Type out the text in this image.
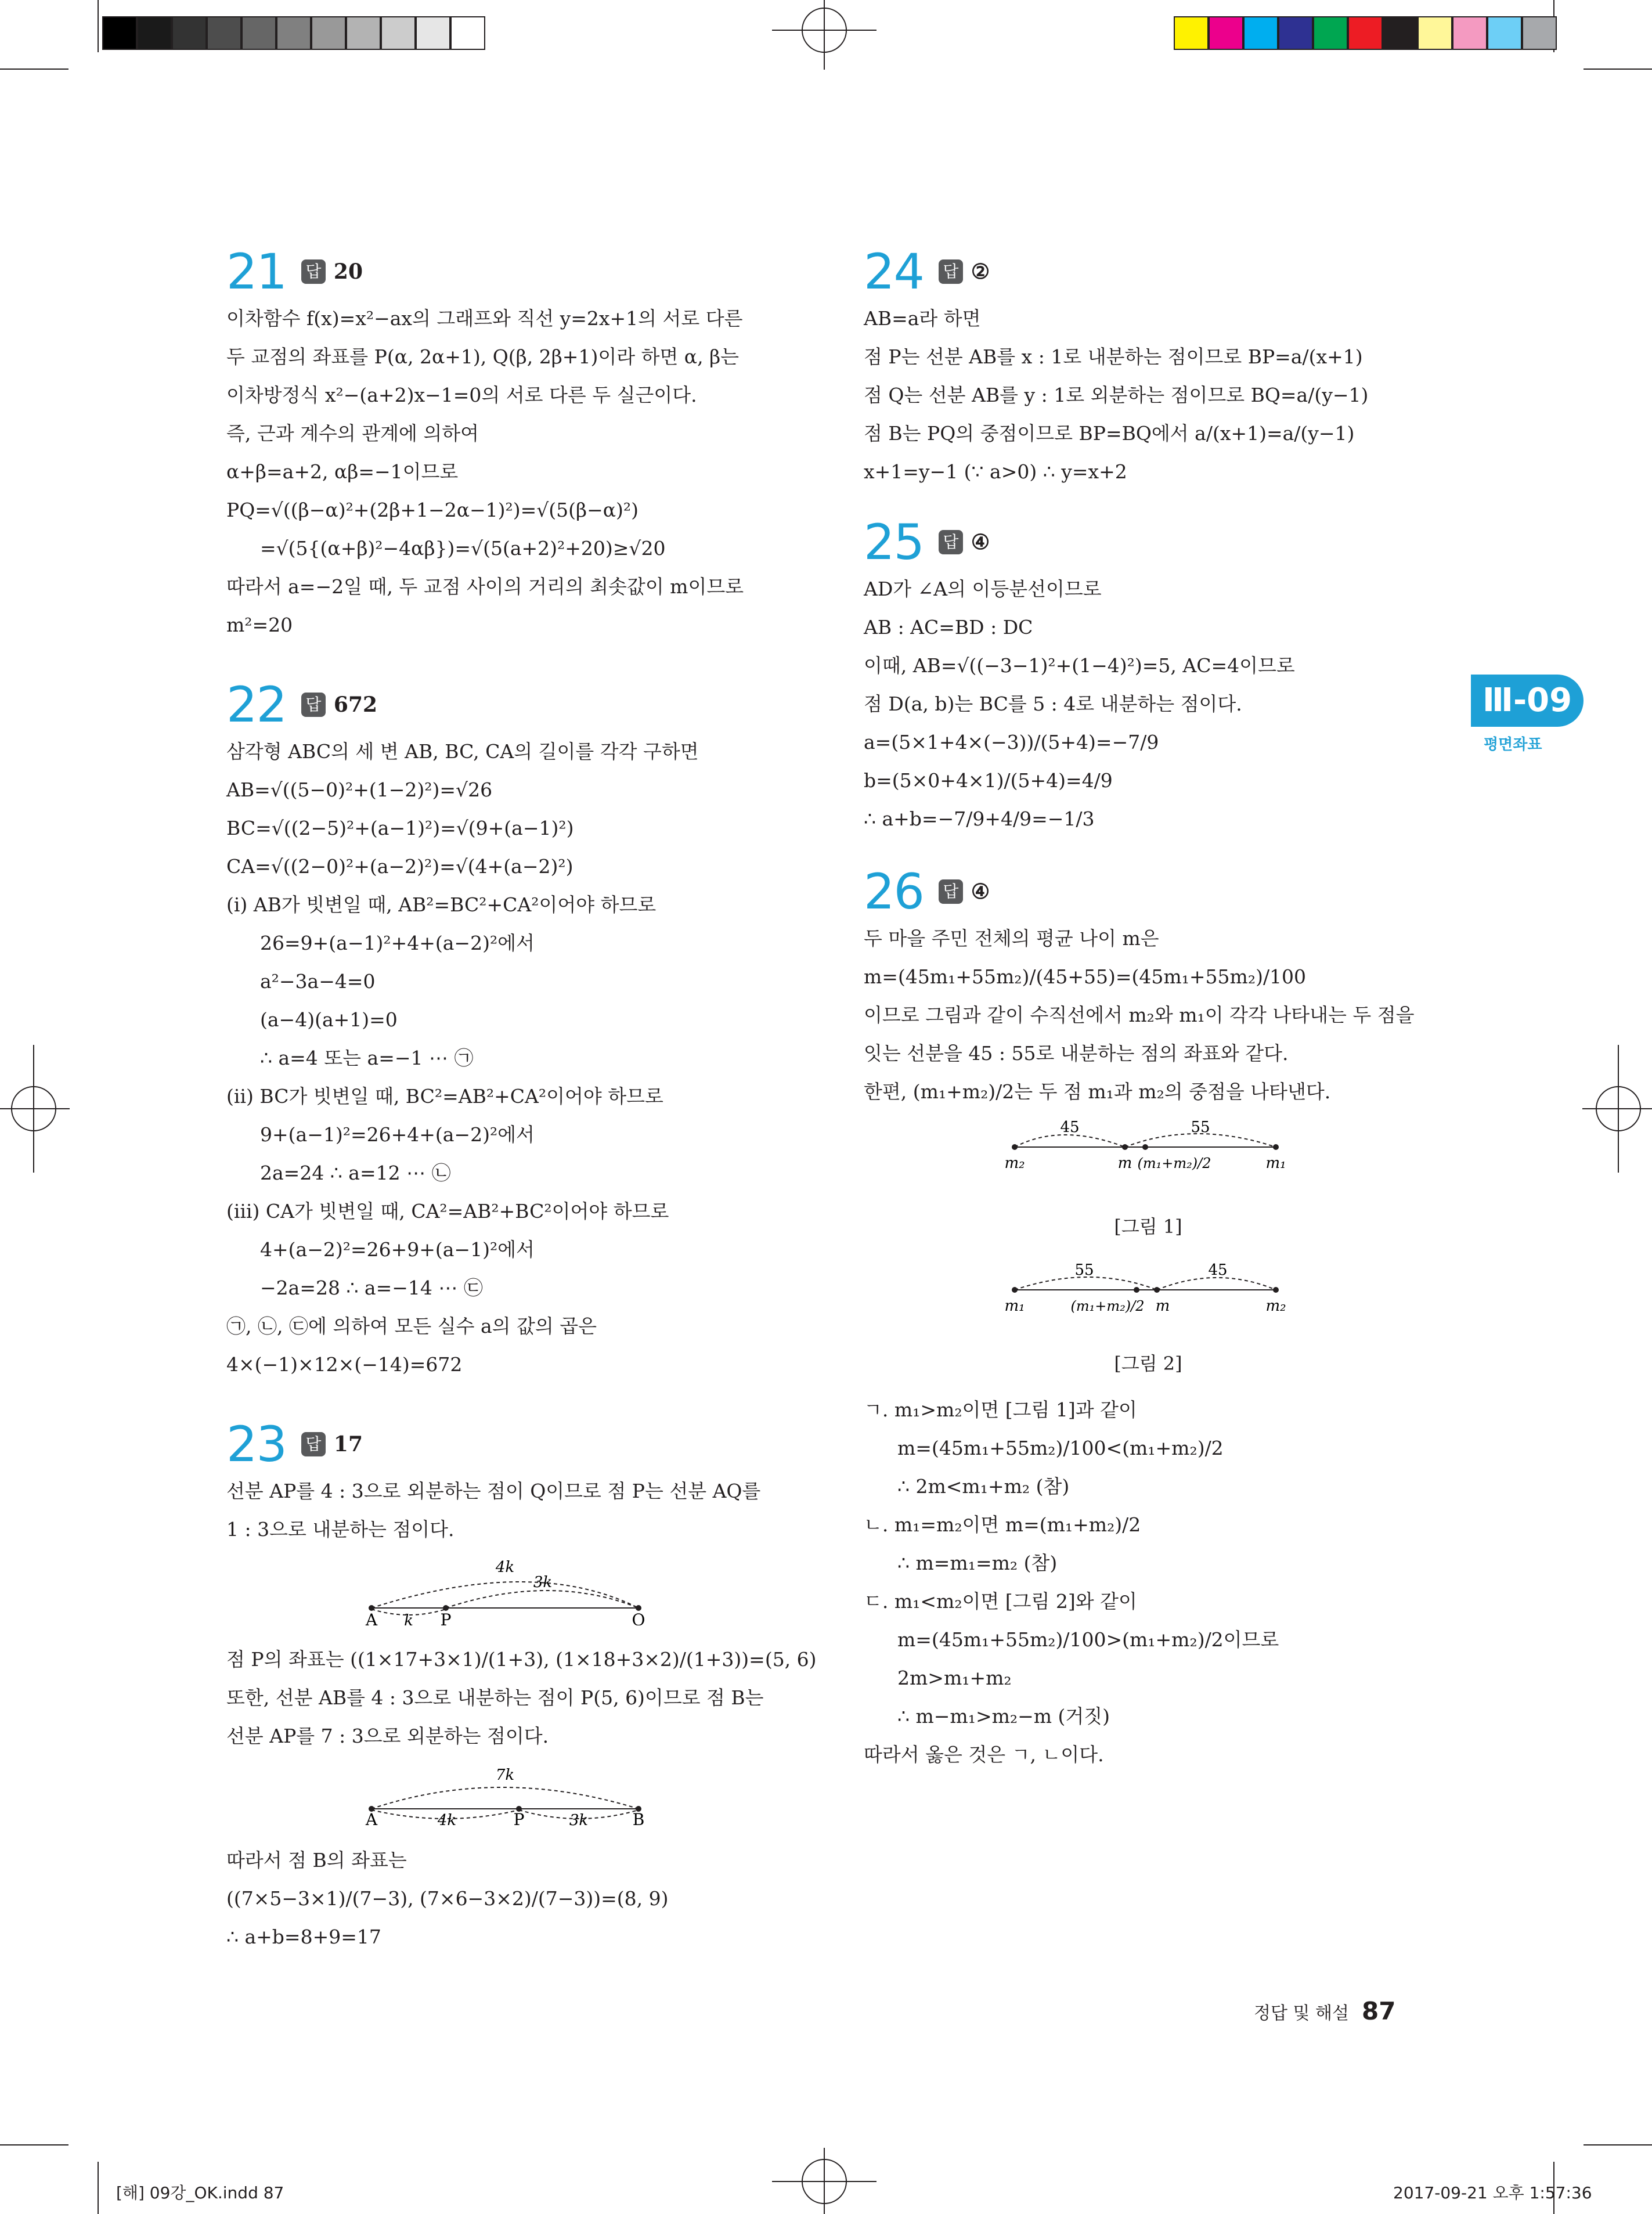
Ⅲ-09
평면좌표
21 답 20
이차함수 f(x)=x²−ax의 그래프와 직선 y=2x+1의 서로 다른
두 교점의 좌표를 P(α, 2α+1), Q(β, 2β+1)이라 하면 α, β는
이차방정식 x²−(a+2)x−1=0의 서로 다른 두 실근이다.
즉, 근과 계수의 관계에 의하여
α+β=a+2, αβ=−1이므로
PQ=√((β−α)²+(2β+1−2α−1)²)=√(5(β−α)²)
=√(5{(α+β)²−4αβ})=√(5(a+2)²+20)≥√20
따라서 a=−2일 때, 두 교점 사이의 거리의 최솟값이 m이므로
m²=20
22 답 672
삼각형 ABC의 세 변 AB, BC, CA의 길이를 각각 구하면
AB=√((5−0)²+(1−2)²)=√26
BC=√((2−5)²+(a−1)²)=√(9+(a−1)²)
CA=√((2−0)²+(a−2)²)=√(4+(a−2)²)
(ⅰ) AB가 빗변일 때, AB²=BC²+CA²이어야 하므로
26=9+(a−1)²+4+(a−2)²에서
a²−3a−4=0
(a−4)(a+1)=0
∴ a=4 또는 a=−1 ⋯ ㉠
(ⅱ) BC가 빗변일 때, BC²=AB²+CA²이어야 하므로
9+(a−1)²=26+4+(a−2)²에서
2a=24 ∴ a=12 ⋯ ㉡
(ⅲ) CA가 빗변일 때, CA²=AB²+BC²이어야 하므로
4+(a−2)²=26+9+(a−1)²에서
−2a=28 ∴ a=−14 ⋯ ㉢
㉠, ㉡, ㉢에 의하여 모든 실수 a의 값의 곱은
4×(−1)×12×(−14)=672
23 답 17
선분 AP를 4 : 3으로 외분하는 점이 Q이므로 점 P는 선분 AQ를
1 : 3으로 내분하는 점이다.
4k
3k
A k P	Q
점 P의 좌표는 ((1×17+3×1)/(1+3), (1×18+3×2)/(1+3))=(5, 6)
또한, 선분 AB를 4 : 3으로 내분하는 점이 P(5, 6)이므로 점 B는
선분 AP를 7 : 3으로 외분하는 점이다.
7k
A	4k	P	3k	B
따라서 점 B의 좌표는
((7×5−3×1)/(7−3), (7×6−3×2)/(7−3))=(8, 9)
∴ a+b=8+9=17
24 답 ②
AB=a라 하면
점 P는 선분 AB를 x : 1로 내분하는 점이므로 BP=a/(x+1)
점 Q는 선분 AB를 y : 1로 외분하는 점이므로 BQ=a/(y−1)
점 B는 PQ의 중점이므로 BP=BQ에서 a/(x+1)=a/(y−1)
x+1=y−1 (∵ a>0) ∴ y=x+2
25 답 ④
AD가 ∠A의 이등분선이므로
AB : AC=BD : DC
이때, AB=√((−3−1)²+(1−4)²)=5, AC=4이므로
점 D(a, b)는 BC를 5 : 4로 내분하는 점이다.
a=(5×1+4×(−3))/(5+4)=−7/9
b=(5×0+4×1)/(5+4)=4/9
∴ a+b=−7/9+4/9=−1/3
26 답 ④
두 마을 주민 전체의 평균 나이 m은
m=(45m₁+55m₂)/(45+55)=(45m₁+55m₂)/100
이므로 그림과 같이 수직선에서 m₂와 m₁이 각각 나타내는 두 점을
잇는 선분을 45 : 55로 내분하는 점의 좌표와 같다.
한편, (m₁+m₂)/2는 두 점 m₁과 m₂의 중점을 나타낸다.
45	55
m₂	m (m₁+m₂)/2	m₁
[그림 1]
55	45
m₁	(m₁+m₂)/2 m	m₂
[그림 2]
ㄱ. m₁>m₂이면 [그림 1]과 같이
m=(45m₁+55m₂)/100<(m₁+m₂)/2
∴ 2m<m₁+m₂ (참)
ㄴ. m₁=m₂이면 m=(m₁+m₂)/2
∴ m=m₁=m₂ (참)
ㄷ. m₁<m₂이면 [그림 2]와 같이
m=(45m₁+55m₂)/100>(m₁+m₂)/2이므로
2m>m₁+m₂
∴ m−m₁>m₂−m (거짓)
따라서 옳은 것은 ㄱ, ㄴ이다.
정답 및 해설 87
[해] 09강_OK.indd 87	2017-09-21 오후 1:57:36
